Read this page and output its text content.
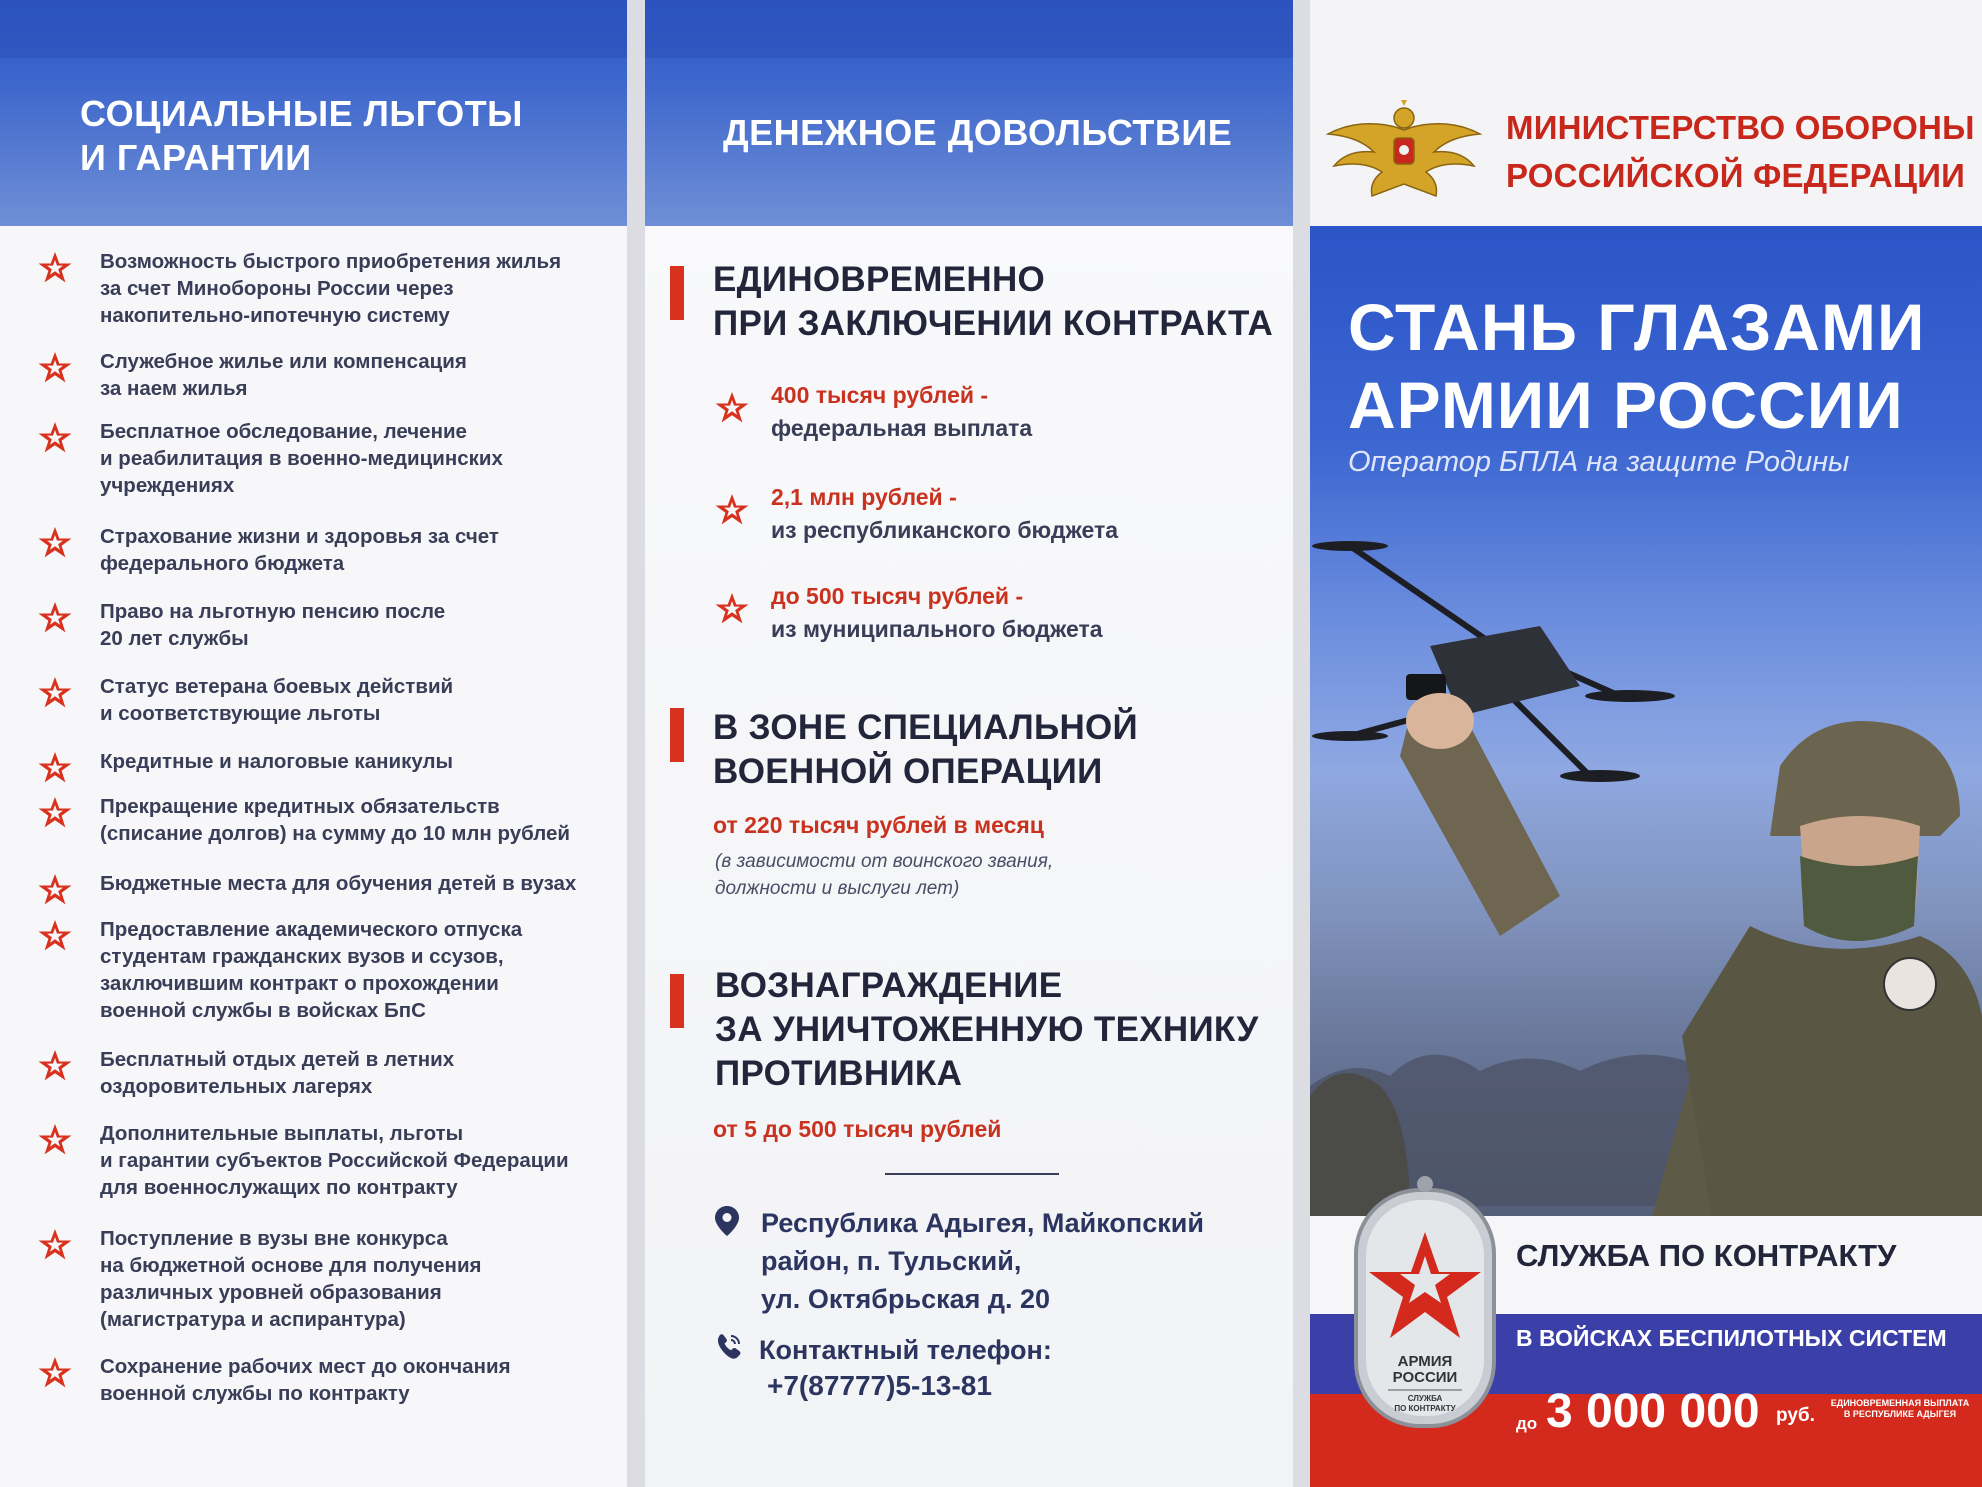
СОЦИАЛЬНЫЕ ЛЬГОТЫ
И ГАРАНТИИ
Возможность быстрого приобретения жилья
за счет Минобороны России через
накопительно-ипотечную систему
Служебное жилье или компенсация
за наем жилья
Бесплатное обследование, лечение
и реабилитация в военно-медицинских
учреждениях
Страхование жизни и здоровья за счет
федерального бюджета
Право на льготную пенсию после
20 лет службы
Статус ветерана боевых действий
и соответствующие льготы
Кредитные и налоговые каникулы
Прекращение кредитных обязательств
(списание долгов) на сумму до 10 млн рублей
Бюджетные места для обучения детей в вузах
Предоставление академического отпуска
студентам гражданских вузов и ссузов,
заключившим контракт о прохождении
военной службы в войсках БпС
Бесплатный отдых детей в летних
оздоровительных лагерях
Дополнительные выплаты, льготы
и гарантии субъектов Российской Федерации
для военнослужащих по контракту
Поступление в вузы вне конкурса
на бюджетной основе для получения
различных уровней образования
(магистратура и аспирантура)
Сохранение рабочих мест до окончания
военной службы по контракту
ДЕНЕЖНОЕ ДОВОЛЬСТВИЕ
ЕДИНОВРЕМЕННО
ПРИ ЗАКЛЮЧЕНИИ КОНТРАКТА
400 тысяч рублей -
федеральная выплата
2,1 млн рублей -
из республиканского бюджета
до 500 тысяч рублей -
из муниципального бюджета
В ЗОНЕ СПЕЦИАЛЬНОЙ
ВОЕННОЙ ОПЕРАЦИИ
от 220 тысяч рублей в месяц
(в зависимости от воинского звания,
должности и выслуги лет)
ВОЗНАГРАЖДЕНИЕ
ЗА УНИЧТОЖЕННУЮ ТЕХНИКУ
ПРОТИВНИКА
от 5 до 500 тысяч рублей
Республика Адыгея, Майкопский
район, п. Тульский,
ул. Октябрьская д. 20
Контактный телефон:
+7(87777)5-13-81
МИНИСТЕРСТВО ОБОРОНЫ
РОССИЙСКОЙ ФЕДЕРАЦИИ
СТАНЬ ГЛАЗАМИ
АРМИИ РОССИИ
Оператор БПЛА на защите Родины
АРМИЯ
РОССИИ
СЛУЖБА
ПО КОНТРАКТУ
СЛУЖБА ПО КОНТРАКТУ
В ВОЙСКАХ БЕСПИЛОТНЫХ СИСТЕМ
до 3 000 000 руб.
ЕДИНОВРЕМЕННАЯ ВЫПЛАТА
В РЕСПУБЛИКЕ АДЫГЕЯ
